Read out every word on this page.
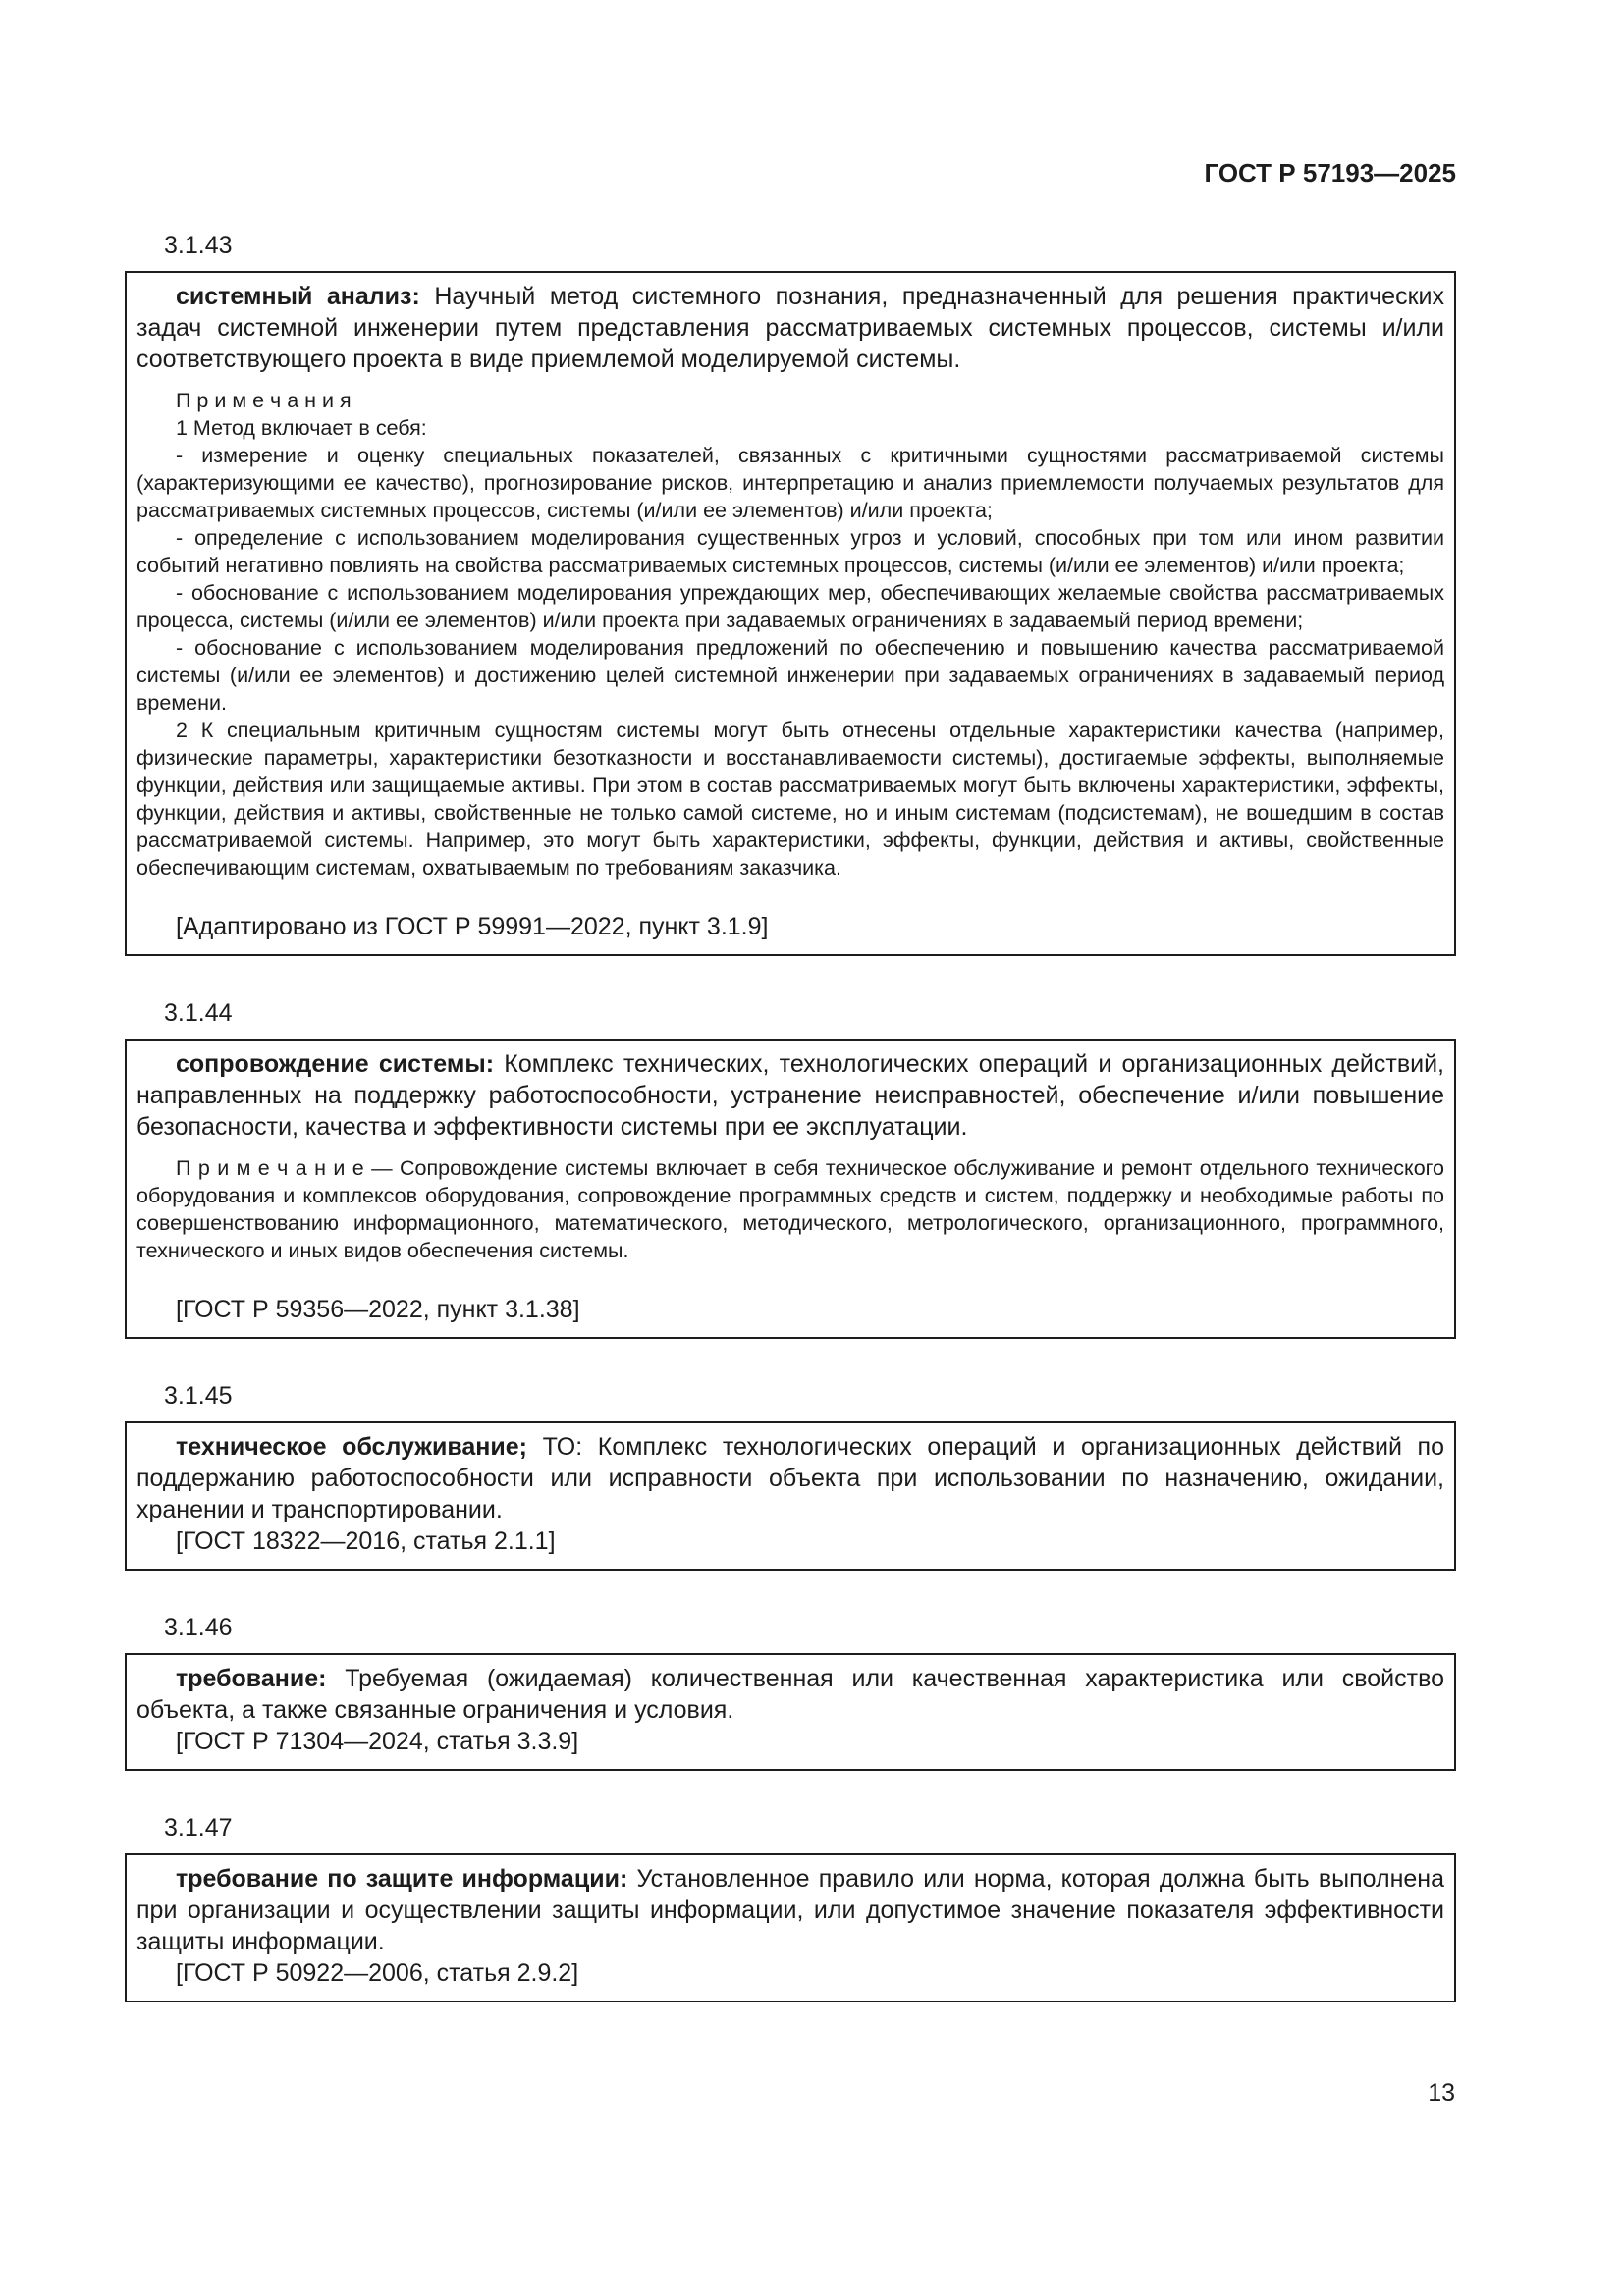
ГОСТ Р 57193—2025

3.1.43

системный анализ: Научный метод системного познания, предназначенный для решения практических задач системной инженерии путем представления рассматриваемых системных процессов, системы и/или соответствующего проекта в виде приемлемой моделируемой системы.

П р и м е ч а н и я

1 Метод включает в себя:

- измерение и оценку специальных показателей, связанных с критичными сущностями рассматриваемой системы (характеризующими ее качество), прогнозирование рисков, интерпретацию и анализ приемлемости получаемых результатов для рассматриваемых системных процессов, системы (и/или ее элементов) и/или проекта;

- определение с использованием моделирования существенных угроз и условий, способных при том или ином развитии событий негативно повлиять на свойства рассматриваемых системных процессов, системы (и/или ее элементов) и/или проекта;

- обоснование с использованием моделирования упреждающих мер, обеспечивающих желаемые свойства рассматриваемых процесса, системы (и/или ее элементов) и/или проекта при задаваемых ограничениях в задаваемый период времени;

- обоснование с использованием моделирования предложений по обеспечению и повышению качества рассматриваемой системы (и/или ее элементов) и достижению целей системной инженерии при задаваемых ограничениях в задаваемый период времени.

2 К специальным критичным сущностям системы могут быть отнесены отдельные характеристики качества (например, физические параметры, характеристики безотказности и восстанавливаемости системы), достигаемые эффекты, выполняемые функции, действия или защищаемые активы. При этом в состав рассматриваемых могут быть включены характеристики, эффекты, функции, действия и активы, свойственные не только самой системе, но и иным системам (подсистемам), не вошедшим в состав рассматриваемой системы. Например, это могут быть характеристики, эффекты, функции, действия и активы, свойственные обеспечивающим системам, охватываемым по требованиям заказчика.

[Адаптировано из ГОСТ Р 59991—2022, пункт 3.1.9]

3.1.44

сопровождение системы: Комплекс технических, технологических операций и организационных действий, направленных на поддержку работоспособности, устранение неисправностей, обеспечение и/или повышение безопасности, качества и эффективности системы при ее эксплуатации.

П р и м е ч а н и е — Сопровождение системы включает в себя техническое обслуживание и ремонт отдельного технического оборудования и комплексов оборудования, сопровождение программных средств и систем, поддержку и необходимые работы по совершенствованию информационного, математического, методического, метрологического, организационного, программного, технического и иных видов обеспечения системы.

[ГОСТ Р 59356—2022, пункт 3.1.38]

3.1.45

техническое обслуживание; ТО: Комплекс технологических операций и организационных действий по поддержанию работоспособности или исправности объекта при использовании по назначению, ожидании, хранении и транспортировании.

[ГОСТ 18322—2016, статья 2.1.1]

3.1.46

требование: Требуемая (ожидаемая) количественная или качественная характеристика или свойство объекта, а также связанные ограничения и условия.

[ГОСТ Р 71304—2024, статья 3.3.9]

3.1.47

требование по защите информации: Установленное правило или норма, которая должна быть выполнена при организации и осуществлении защиты информации, или допустимое значение показателя эффективности защиты информации.

[ГОСТ Р 50922—2006, статья 2.9.2]

13
